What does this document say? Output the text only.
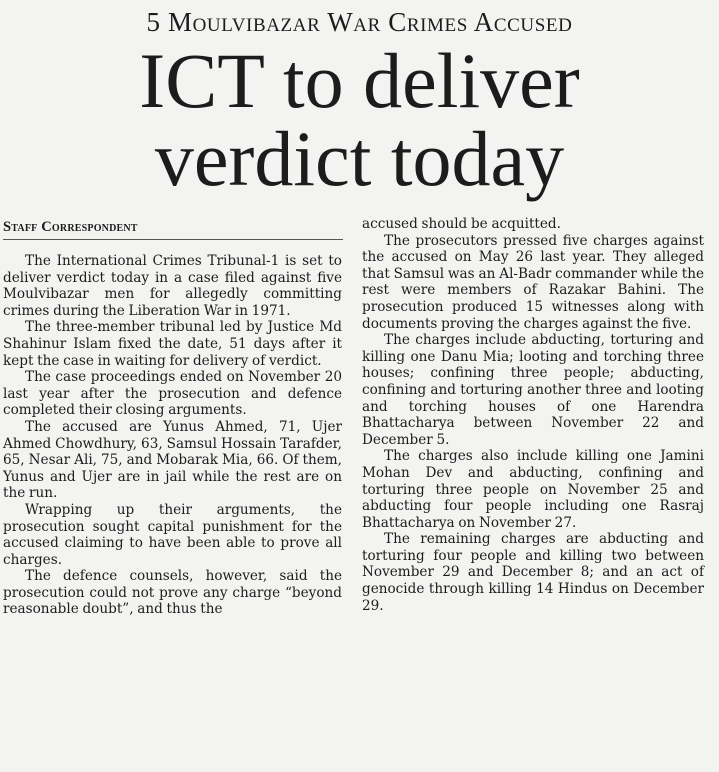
5 Moulvibazar War Crimes Accused
ICT to deliver
verdict today
Staff Correspondent

The International Crimes Tribunal-1 is set to deliver verdict today in a case filed against five Moulvibazar men for allegedly committing crimes during the Liberation War in 1971.

The three-member tribunal led by Justice Md Shahinur Islam fixed the date, 51 days after it kept the case in waiting for delivery of verdict.

The case proceedings ended on November 20 last year after the prosecution and defence completed their closing arguments.

The accused are Yunus Ahmed, 71, Ujer Ahmed Chowdhury, 63, Samsul Hossain Tarafder, 65, Nesar Ali, 75, and Mobarak Mia, 66. Of them, Yunus and Ujer are in jail while the rest are on the run.

Wrapping up their arguments, the prosecution sought capital punishment for the accused claiming to have been able to prove all charges.

The defence counsels, however, said the prosecution could not prove any charge “beyond reasonable doubt”, and thus the

accused should be acquitted.

The prosecutors pressed five charges against the accused on May 26 last year. They alleged that Samsul was an Al-Badr commander while the rest were members of Razakar Bahini. The prosecution produced 15 witnesses along with documents proving the charges against the five.

The charges include abducting, torturing and killing one Danu Mia; looting and torching three houses; confining three people; abducting, confining and torturing another three and looting and torching houses of one Harendra Bhattacharya between November 22 and December 5.

The charges also include killing one Jamini Mohan Dev and abducting, confining and torturing three people on November 25 and abducting four people including one Rasraj Bhattacharya on November 27.

The remaining charges are abducting and torturing four people and killing two between November 29 and December 8; and an act of genocide through killing 14 Hindus on December 29.
